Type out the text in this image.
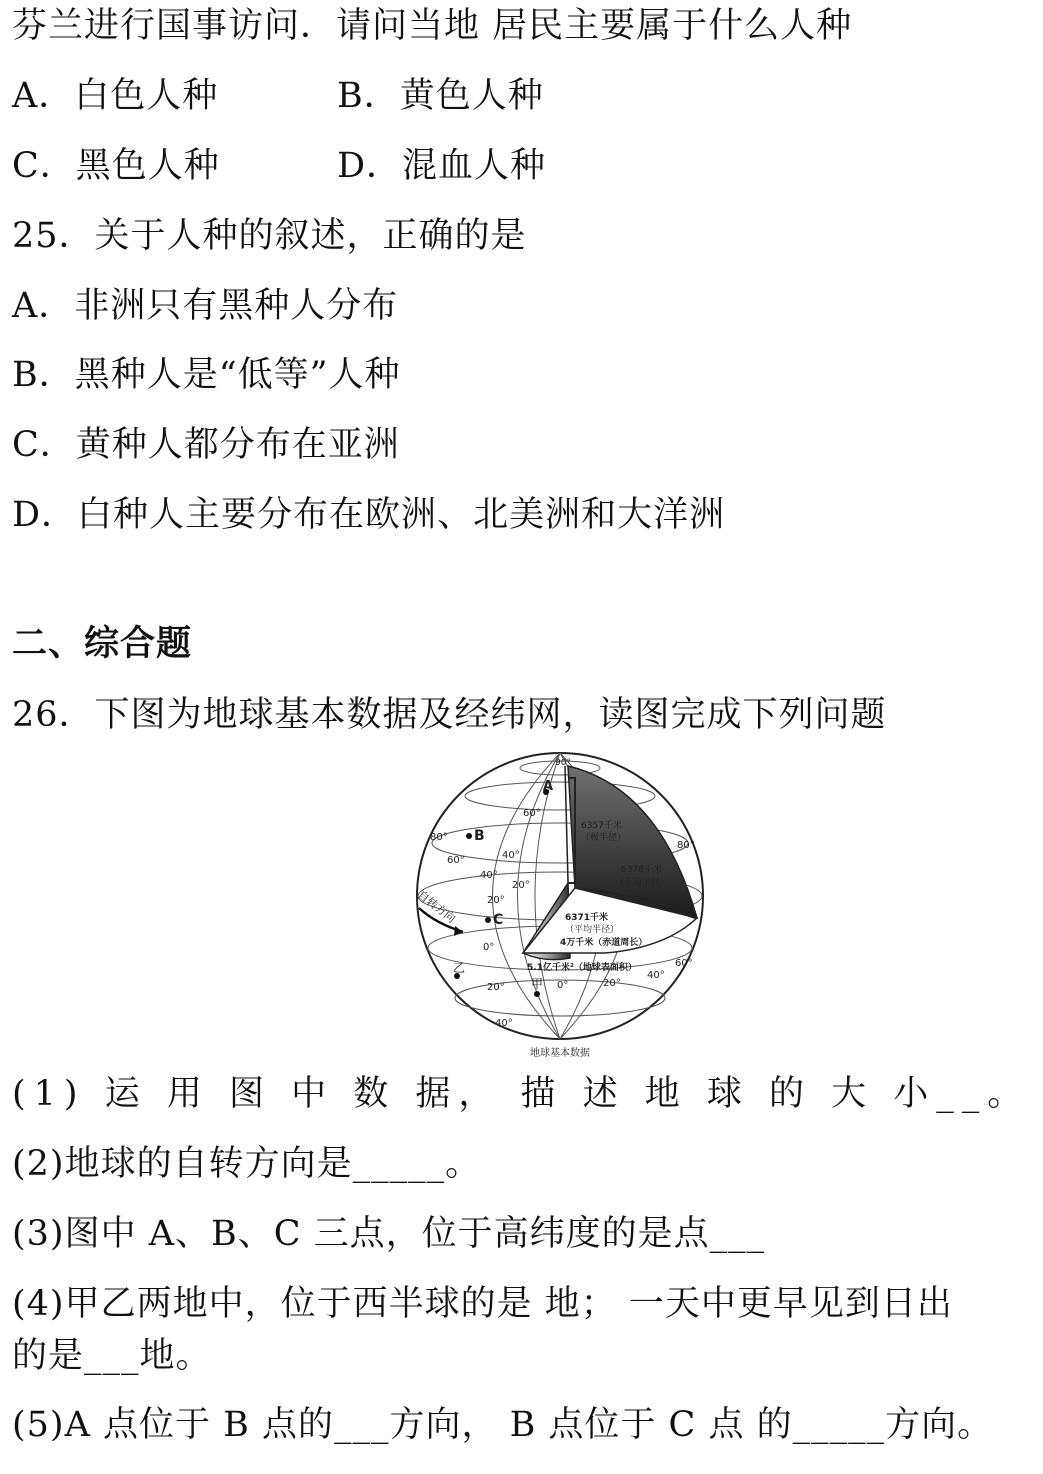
芬兰进行国事访问．请问当地 居民主要属于什么人种
A．白色人种	B．黄色人种
C．黑色人种	D．混血人种
25．关于人种的叙述，正确的是
A．非洲只有黑种人分布
B．黑种人是“低等”人种
C．黄种人都分布在亚洲
D．白种人主要分布在欧洲、北美洲和大洋洲
二、综合题
26．下图为地球基本数据及经纬网，读图完成下列问题
6357千米
（极半径）
6378千米
（赤道半径）
6371千米
（平均半径）
4万千米（赤道周长）
5.1亿千米²（地球表面积）
90°
60°
40°
20°
0°
20°
40°
80°
60°
40°
20°
80°
60°
0°	20°
40°
A
B
C
甲
乙
自转方向
地球基本数据
(1) 运 用 图 中 数 据， 描 述 地 球 的 大 小__。
(2)地球的自转方向是_____。
(3)图中 A、B、C 三点，位于高纬度的是点___
(4)甲乙两地中，位于西半球的是 地； 一天中更早见到日出
的是___地。
(5)A 点位于 B 点的___方向， B 点位于 C 点 的_____方向。
